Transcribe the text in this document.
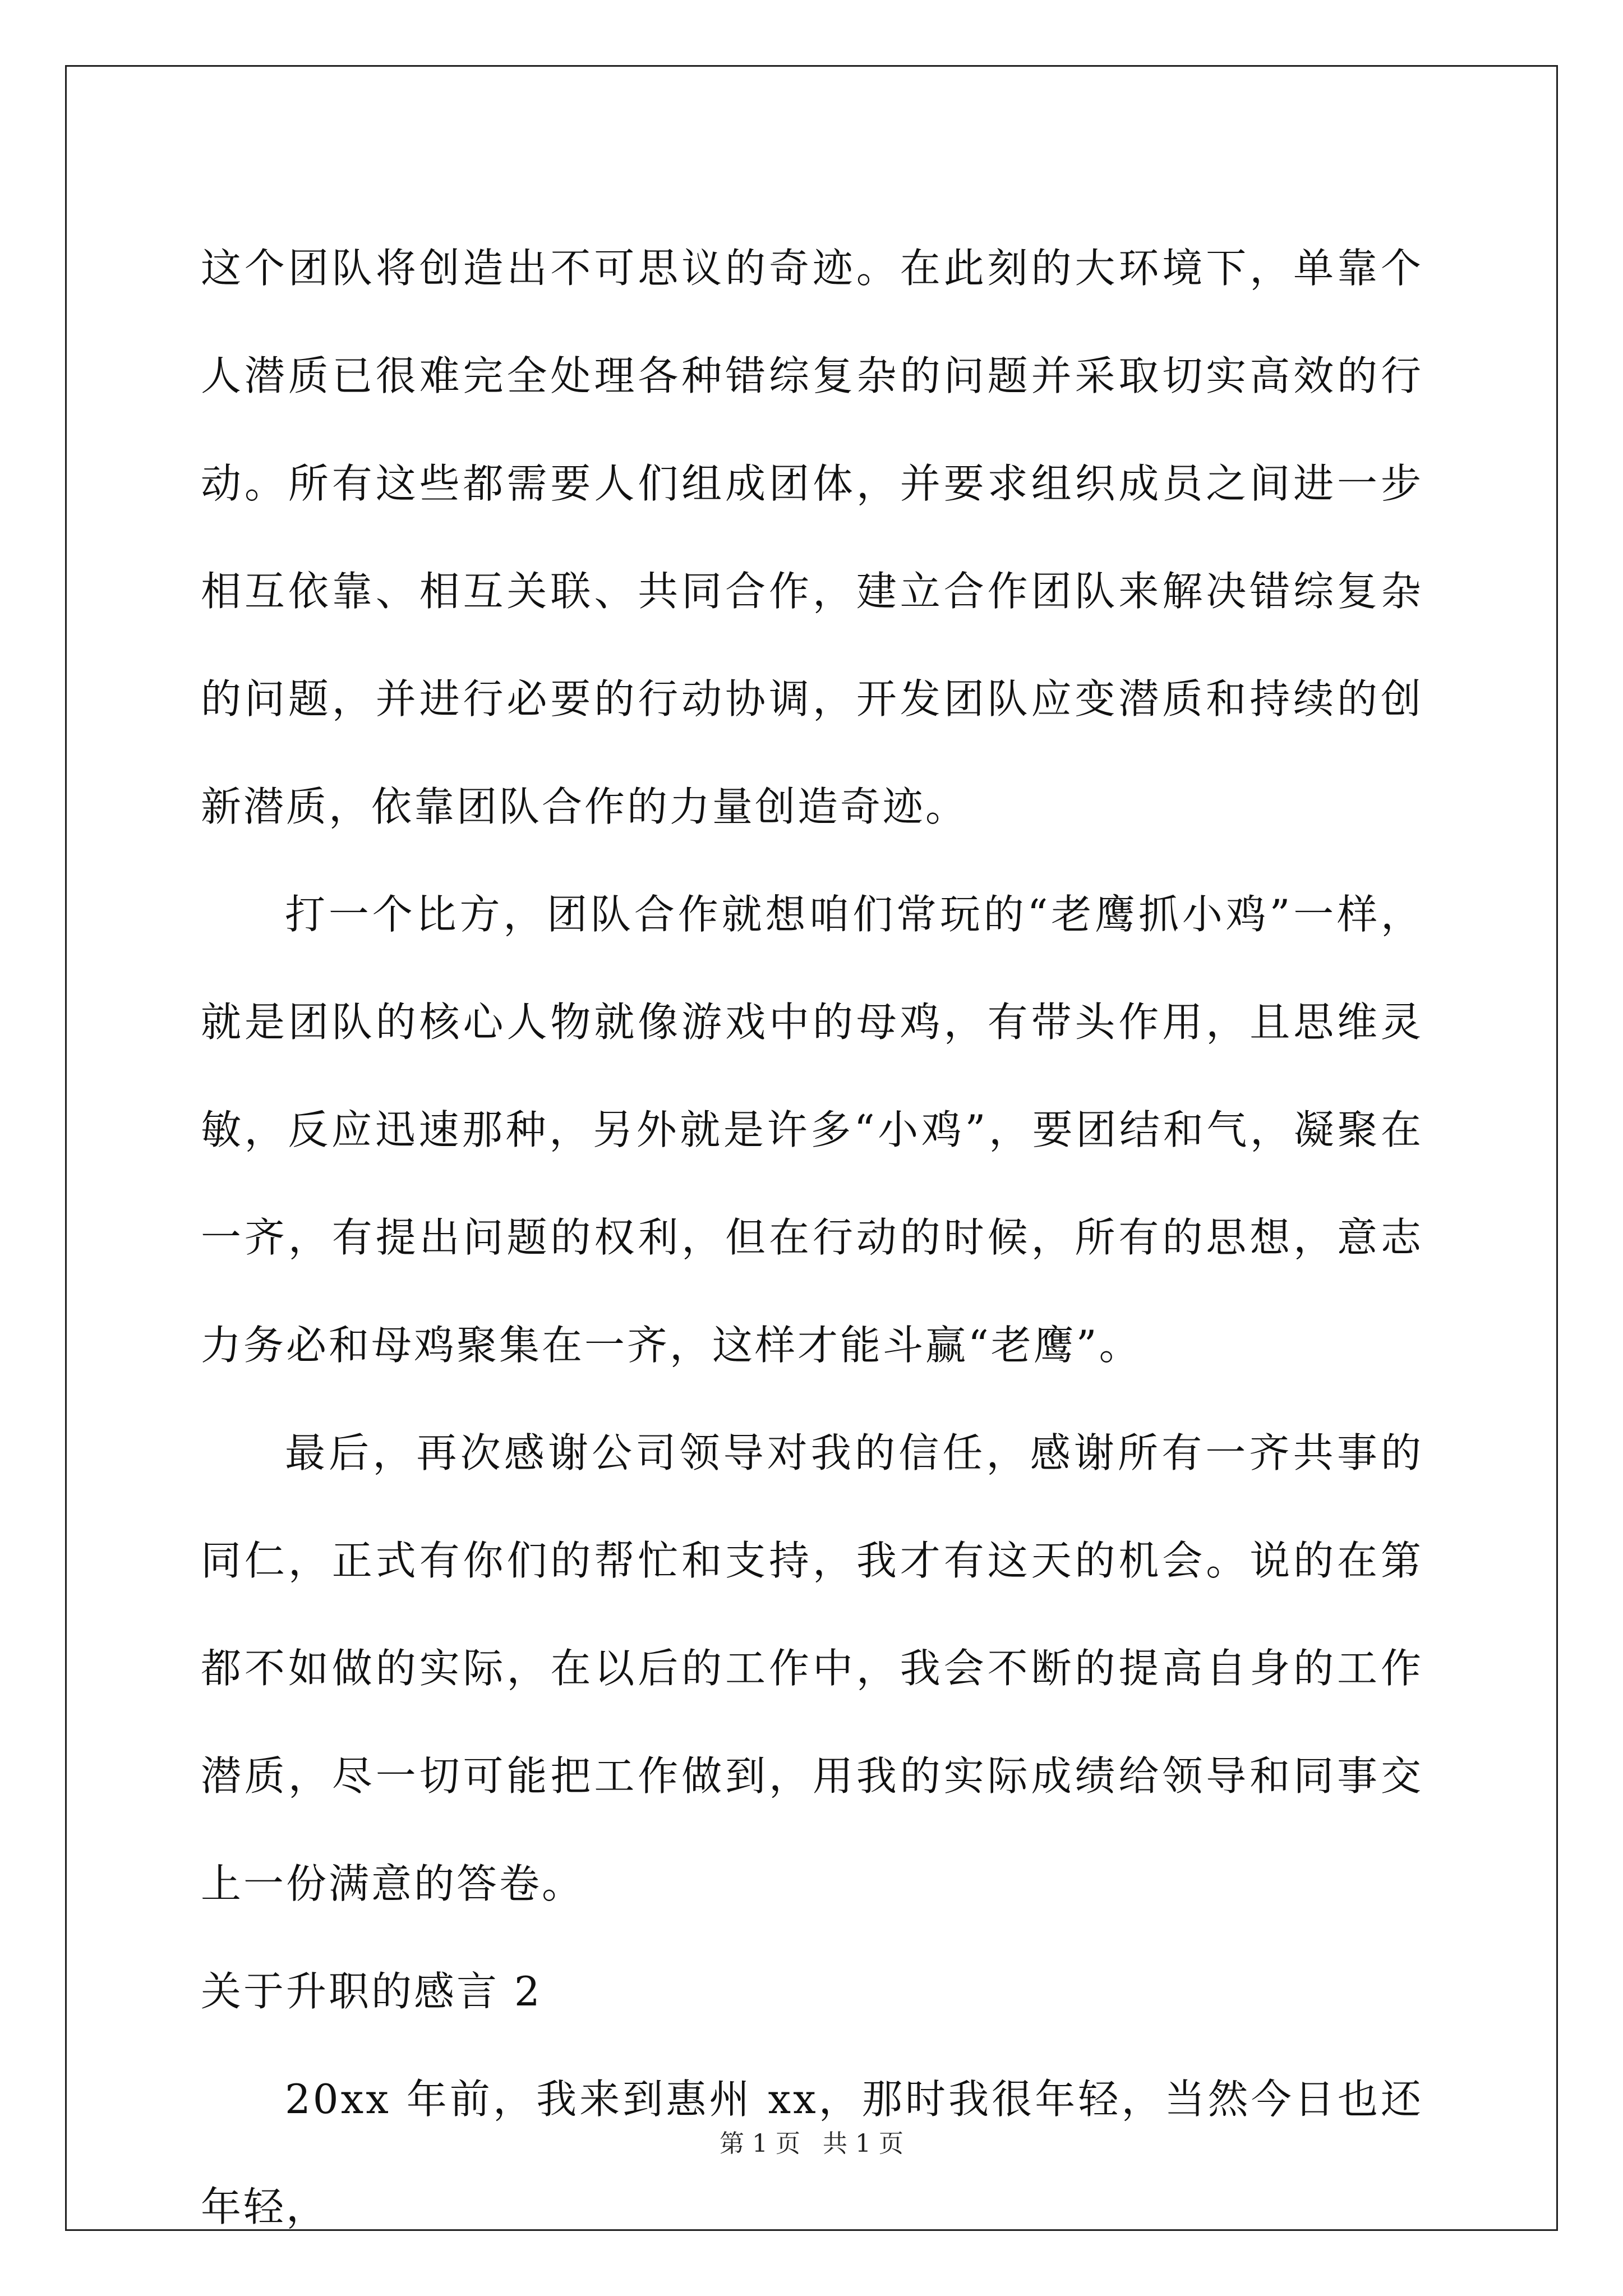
这个团队将创造出不可思议的奇迹。在此刻的大环境下，单靠个人潜质已很难完全处理各种错综复杂的问题并采取切实高效的行动。所有这些都需要人们组成团体，并要求组织成员之间进一步相互依靠、相互关联、共同合作，建立合作团队来解决错综复杂的问题，并进行必要的行动协调，开发团队应变潜质和持续的创新潜质，依靠团队合作的力量创造奇迹。

打一个比方，团队合作就想咱们常玩的“老鹰抓小鸡”一样，就是团队的核心人物就像游戏中的母鸡，有带头作用，且思维灵敏，反应迅速那种，另外就是许多“小鸡”，要团结和气，凝聚在一齐，有提出问题的权利，但在行动的时候，所有的思想，意志力务必和母鸡聚集在一齐，这样才能斗赢“老鹰”。

最后，再次感谢公司领导对我的信任，感谢所有一齐共事的同仁，正式有你们的帮忙和支持，我才有这天的机会。说的在第都不如做的实际，在以后的工作中，我会不断的提高自身的工作潜质，尽一切可能把工作做到，用我的实际成绩给领导和同事交上一份满意的答卷。

关于升职的感言 2

20xx 年前，我来到惠州 xx，那时我很年轻，当然今日也还年轻，

第 1 页 共 1 页
